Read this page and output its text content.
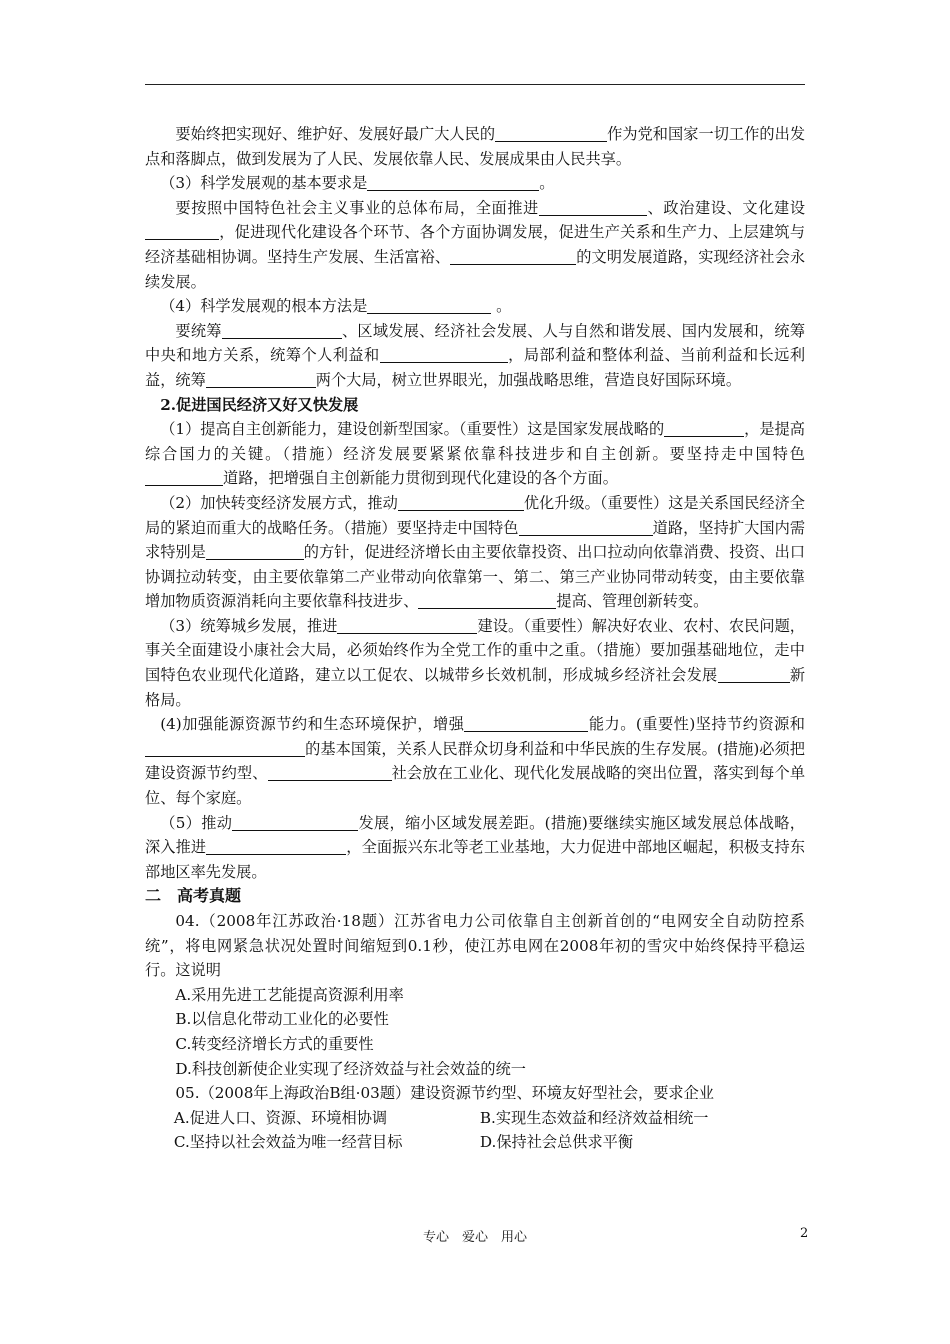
要始终把实现好、维护好、发展好最广大人民的	作为党和国家一切工作的出发点和落脚点，做到发展为了人民、发展依靠人民、发展成果由人民共享。

（3）科学发展观的基本要求是	。

要按照中国特色社会主义事业的总体布局，全面推进	、政治建设、文化建设，促进现代化建设各个环节、各个方面协调发展，促进生产关系和生产力、上层建筑与经济基础相协调。坚持生产发展、生活富裕、	的文明发展道路，实现经济社会永续发展。

（4）科学发展观的根本方法是	。

要统筹	、区域发展、经济社会发展、人与自然和谐发展、国内发展和，统筹中央和地方关系，统筹个人利益和	，局部利益和整体利益、当前利益和长远利益，统筹	两个大局，树立世界眼光，加强战略思维，营造良好国际环境。

2.促进国民经济又好又快发展

（1）提高自主创新能力，建设创新型国家。（重要性）这是国家发展战略的	，是提高综合国力的关键。（措施）经济发展要紧紧依靠科技进步和自主创新。要坚持走中国特色道路，把增强自主创新能力贯彻到现代化建设的各个方面。

（2）加快转变经济发展方式，推动	优化升级。（重要性）这是关系国民经济全局的紧迫而重大的战略任务。（措施）要坚持走中国特色	道路，坚持扩大国内需求特别是	的方针，促进经济增长由主要依靠投资、出口拉动向依靠消费、投资、出口协调拉动转变，由主要依靠第二产业带动向依靠第一、第二、第三产业协同带动转变，由主要依靠增加物质资源消耗向主要依靠科技进步、	提高、管理创新转变。

（3）统筹城乡发展，推进	建设。（重要性）解决好农业、农村、农民问题，事关全面建设小康社会大局，必须始终作为全党工作的重中之重。（措施）要加强基础地位，走中国特色农业现代化道路，建立以工促农、以城带乡长效机制，形成城乡经济社会发展	新格局。

(4)加强能源资源节约和生态环境保护，增强	能力。(重要性)坚持节约资源和的基本国策，关系人民群众切身利益和中华民族的生存发展。(措施)必须把建设资源节约型、	社会放在工业化、现代化发展战略的突出位置，落实到每个单位、每个家庭。

（5）推动	发展，缩小区域发展差距。(措施)要继续实施区域发展总体战略，深入推进	，全面振兴东北等老工业基地，大力促进中部地区崛起，积极支持东部地区率先发展。

二　高考真题

04.（2008年江苏政治·18题）江苏省电力公司依靠自主创新首创的“电网安全自动防控系统”，将电网紧急状况处置时间缩短到0.1秒，使江苏电网在2008年初的雪灾中始终保持平稳运行。这说明

A.采用先进工艺能提高资源利用率

B.以信息化带动工业化的必要性

C.转变经济增长方式的重要性

D.科技创新使企业实现了经济效益与社会效益的统一

05.（2008年上海政治B组·03题）建设资源节约型、环境友好型社会，要求企业

A.促进人口、资源、环境相协调	B.实现生态效益和经济效益相统一
C.坚持以社会效益为唯一经营目标	D.保持社会总供求平衡
专心　爱心　用心	2
